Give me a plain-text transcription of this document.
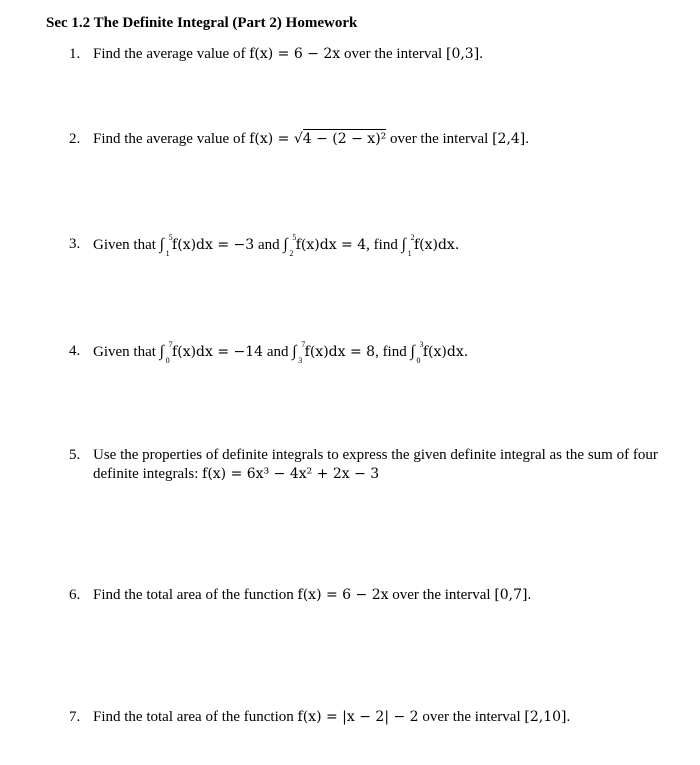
Sec 1.2 The Definite Integral (Part 2) Homework
1. Find the average value of f(x) = 6 − 2x over the interval [0,3].
2. Find the average value of f(x) = √4 − (2 − x)² over the interval [2,4].
3. Given that ∫ 5
1
f(x)dx = −3 and ∫ 5
2
f(x)dx = 4, find ∫ 2
1
f(x)dx.
4. Given that ∫ 7
0
f(x)dx = −14 and ∫ 7
3
f(x)dx = 8, find ∫ 3
0
f(x)dx.
5. Use the properties of definite integrals to express the given definite integral as the sum of four definite integrals: f(x) = 6x³ − 4x² + 2x − 3
6. Find the total area of the function f(x) = 6 − 2x over the interval [0,7].
7. Find the total area of the function f(x) = |x − 2| − 2 over the interval [2,10].
